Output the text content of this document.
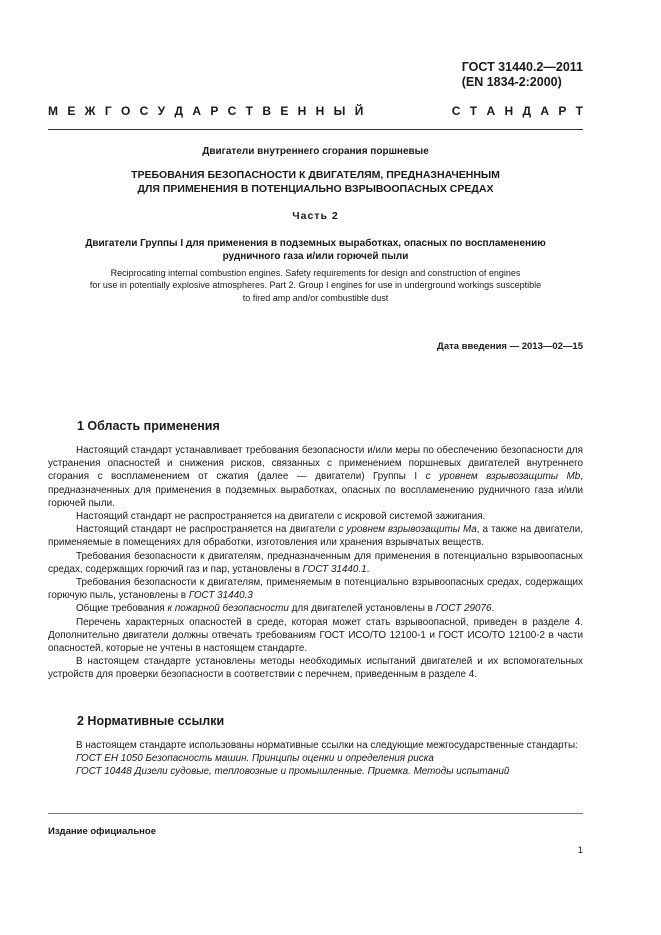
ГОСТ 31440.2—2011
(EN 1834-2:2000)
М Е Ж Г О С У Д А Р С Т В Е Н Н Ы Й	С Т А Н Д А Р Т
Двигатели внутреннего сгорания поршневые
ТРЕБОВАНИЯ БЕЗОПАСНОСТИ К ДВИГАТЕЛЯМ, ПРЕДНАЗНАЧЕННЫМ
ДЛЯ ПРИМЕНЕНИЯ В ПОТЕНЦИАЛЬНО ВЗРЫВООПАСНЫХ СРЕДАХ
Часть 2
Двигатели Группы I для применения в подземных выработках, опасных по воспламенению
рудничного газа и/или горючей пыли
Reciprocating internal combustion engines. Safety requirements for design and construction of engines
for use in potentially explosive atmospheres. Part 2. Group I engines for use in underground workings susceptible
to fired amp and/or combustible dust
Дата введения — 2013—02—15
1 Область применения

Настоящий стандарт устанавливает требования безопасности и/или меры по обеспечению безопасности для устранения опасностей и снижения рисков, связанных с применением поршневых двигателей внутреннего сгорания с воспламенением от сжатия (далее — двигатели) Группы I с уровнем взрывозащиты Mb, предназначенных для применения в подземных выработках, опасных по воспламенению рудничного газа и/или горючей пыли.

Настоящий стандарт не распространяется на двигатели с искровой системой зажигания.

Настоящий стандарт не распространяется на двигатели с уровнем взрывозащиты Ма, а также на двигатели, применяемые в помещениях для обработки, изготовления или хранения взрывчатых веществ.

Требования безопасности к двигателям, предназначенным для применения в потенциально взрывоопасных средах, содержащих горючий газ и пар, установлены в ГОСТ 31440.1.

Требования безопасности к двигателям, применяемым в потенциально взрывоопасных средах, содержащих горючую пыль, установлены в ГОСТ 31440.3

Общие требования к пожарной безопасности для двигателей установлены в ГОСТ 29076.

Перечень характерных опасностей в среде, которая может стать взрывоопасной, приведен в разделе 4. Дополнительно двигатели должны отвечать требованиям ГОСТ ИСО/ТО 12100-1 и ГОСТ ИСО/ТО 12100-2 в части опасностей, которые не учтены в настоящем стандарте.

В настоящем стандарте установлены методы необходимых испытаний двигателей и их вспомогательных устройств для проверки безопасности в соответствии с перечнем, приведенным в разделе 4.

2 Нормативные ссылки

В настоящем стандарте использованы нормативные ссылки на следующие межгосударственные стандарты:

ГОСТ ЕН 1050 Безопасность машин. Принципы оценки и определения риска

ГОСТ 10448 Дизели судовые, тепловозные и промышленные. Приемка. Методы испытаний

Издание официальное
1
